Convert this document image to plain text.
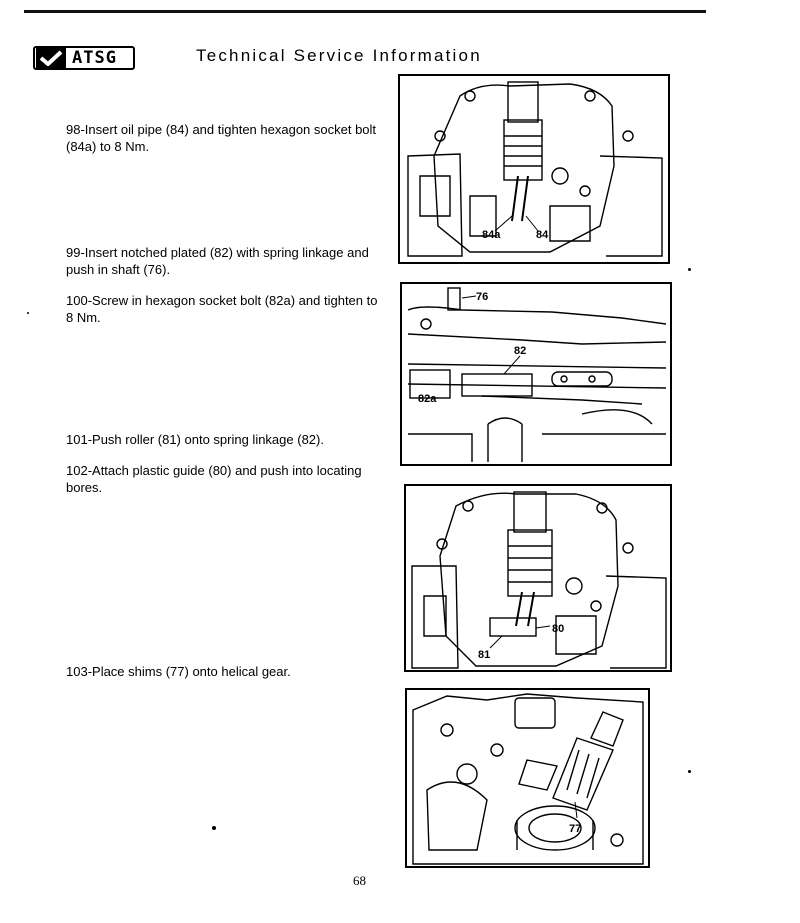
ATSG	Technical Service Information
98-Insert oil pipe (84) and tighten hexagon socket bolt (84a) to 8 Nm.
99-Insert notched plated (82) with spring linkage and push in shaft (76).
100-Screw in hexagon socket bolt (82a) and tighten to 8 Nm.
101-Push roller (81) onto spring linkage (82).
102-Attach plastic guide (80) and push into locating bores.
103-Place shims (77) onto helical gear.
84a	84
76
82
82a
80
81
77
68
